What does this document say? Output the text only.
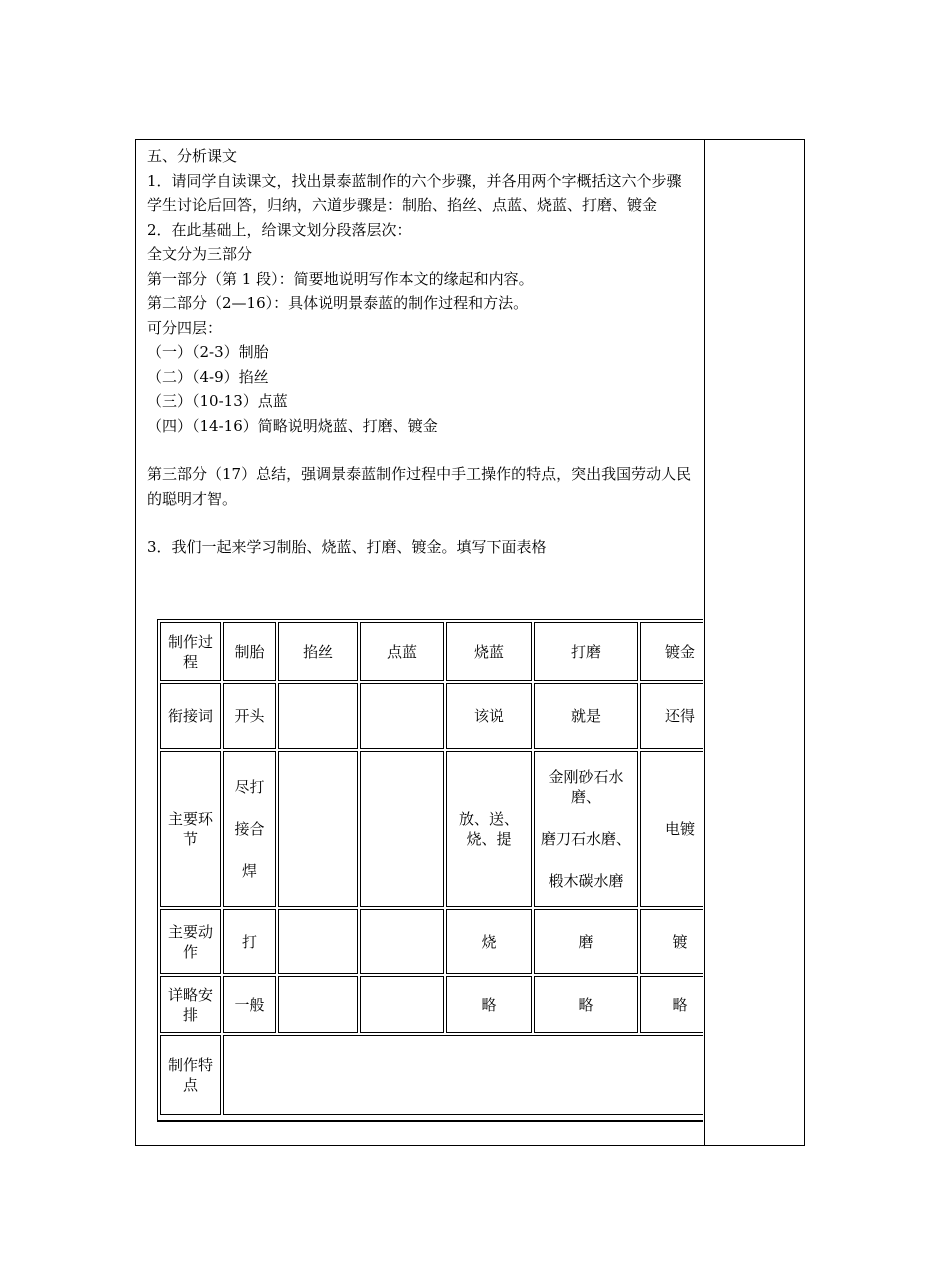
五、分析课文

1．请同学自读课文，找出景泰蓝制作的六个步骤，并各用两个字概括这六个步骤

学生讨论后回答，归纳，六道步骤是：制胎、掐丝、点蓝、烧蓝、打磨、镀金

2．在此基础上，给课文划分段落层次：

全文分为三部分

第一部分（第 1 段）：简要地说明写作本文的缘起和内容。

第二部分（2—16）：具体说明景泰蓝的制作过程和方法。

可分四层：

（一）（2-3）制胎

（二）（4-9）掐丝

（三）（10-13）点蓝

（四）（14-16）简略说明烧蓝、打磨、镀金

第三部分（17）总结，强调景泰蓝制作过程中手工操作的特点，突出我国劳动人民的聪明才智。

3．我们一起来学习制胎、烧蓝、打磨、镀金。填写下面表格

制作过程	制胎	掐丝	点蓝	烧蓝	打磨	镀金
衔接词	开头			该说	就是	还得
主要环节	尽打
接合
焊			放、送、烧、提	金刚砂石水磨、
磨刀石水磨、
椴木碳水磨	电镀
主要动作	打			烧	磨	镀
详略安排	一般			略	略	略
制作特点						
